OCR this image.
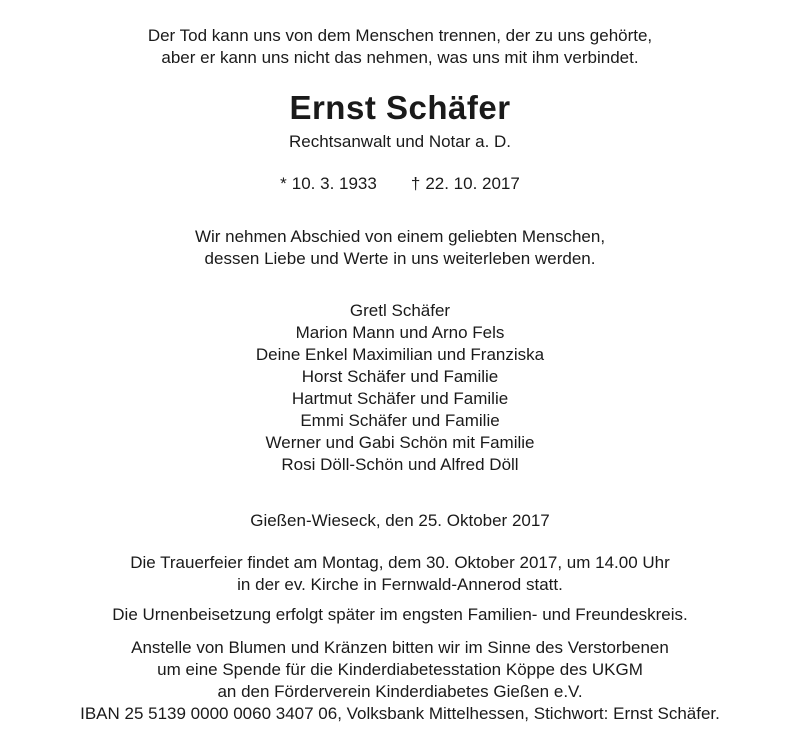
Der Tod kann uns von dem Menschen trennen, der zu uns gehörte,
aber er kann uns nicht das nehmen, was uns mit ihm verbindet.
Ernst Schäfer
Rechtsanwalt und Notar a. D.
* 10. 3. 1933 † 22. 10. 2017
Wir nehmen Abschied von einem geliebten Menschen,
dessen Liebe und Werte in uns weiterleben werden.
Gretl Schäfer
Marion Mann und Arno Fels
Deine Enkel Maximilian und Franziska
Horst Schäfer und Familie
Hartmut Schäfer und Familie
Emmi Schäfer und Familie
Werner und Gabi Schön mit Familie
Rosi Döll-Schön und Alfred Döll
Gießen-Wieseck, den 25. Oktober 2017
Die Trauerfeier findet am Montag, dem 30. Oktober 2017, um 14.00 Uhr
in der ev. Kirche in Fernwald-Annerod statt.
Die Urnenbeisetzung erfolgt später im engsten Familien- und Freundeskreis.
Anstelle von Blumen und Kränzen bitten wir im Sinne des Verstorbenen
um eine Spende für die Kinderdiabetesstation Köppe des UKGM
an den Förderverein Kinderdiabetes Gießen e.V.
IBAN 25 5139 0000 0060 3407 06, Volksbank Mittelhessen, Stichwort: Ernst Schäfer.
